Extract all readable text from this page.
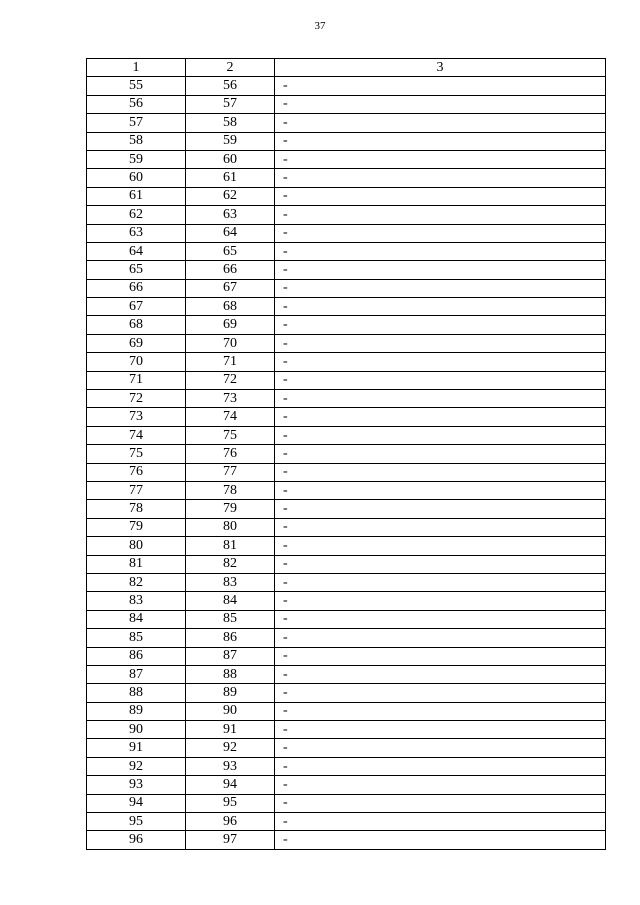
37
1	2	3
55	56	-
56	57	-
57	58	-
58	59	-
59	60	-
60	61	-
61	62	-
62	63	-
63	64	-
64	65	-
65	66	-
66	67	-
67	68	-
68	69	-
69	70	-
70	71	-
71	72	-
72	73	-
73	74	-
74	75	-
75	76	-
76	77	-
77	78	-
78	79	-
79	80	-
80	81	-
81	82	-
82	83	-
83	84	-
84	85	-
85	86	-
86	87	-
87	88	-
88	89	-
89	90	-
90	91	-
91	92	-
92	93	-
93	94	-
94	95	-
95	96	-
96	97	-
